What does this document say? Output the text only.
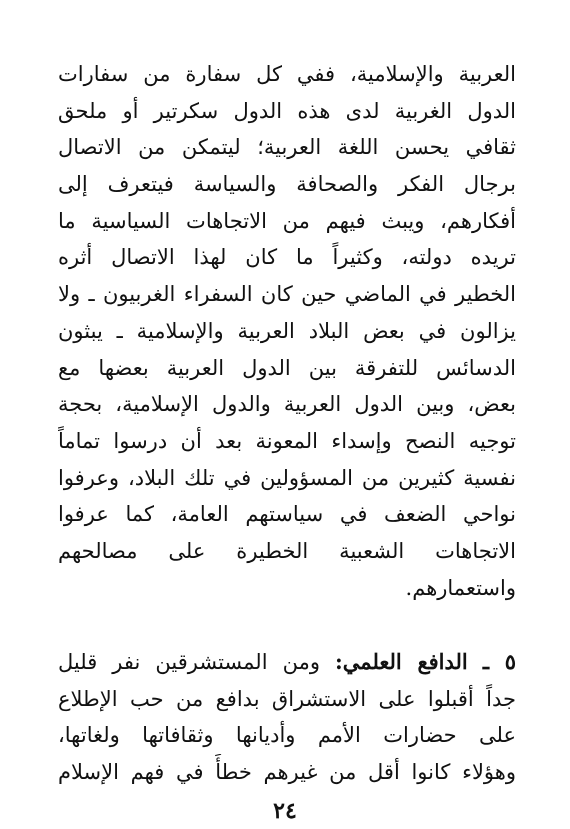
العربية والإسلامية، ففي كل سفارة من سفارات
الدول الغربية لدى هذه الدول سكرتير أو ملحق
ثقافي يحسن اللغة العربية؛ ليتمكن من الاتصال
برجال الفكر والصحافة والسياسة فيتعرف إلى
أفكارهم، ويبث فيهم من الاتجاهات السياسية ما
تريده دولته، وكثيراً ما كان لهذا الاتصال أثره
الخطير في الماضي حين كان السفراء الغربيون ـ ولا
يزالون في بعض البلاد العربية والإسلامية ـ يبثون
الدسائس للتفرقة بين الدول العربية بعضها مع
بعض، وبين الدول العربية والدول الإسلامية، بحجة
توجيه النصح وإسداء المعونة بعد أن درسوا تماماً
نفسية كثيرين من المسؤولين في تلك البلاد، وعرفوا
نواحي الضعف في سياستهم العامة، كما عرفوا
الاتجاهات الشعبية الخطيرة على مصالحهم
واستعمارهم.
٥ ـ الدافع العلمي: ومن المستشرقين نفر قليل
جداً أقبلوا على الاستشراق بدافع من حب الإطلاع
على حضارات الأمم وأديانها وثقافاتها ولغاتها،
وهؤلاء كانوا أقل من غيرهم خطأً في فهم الإسلام
٢٤
